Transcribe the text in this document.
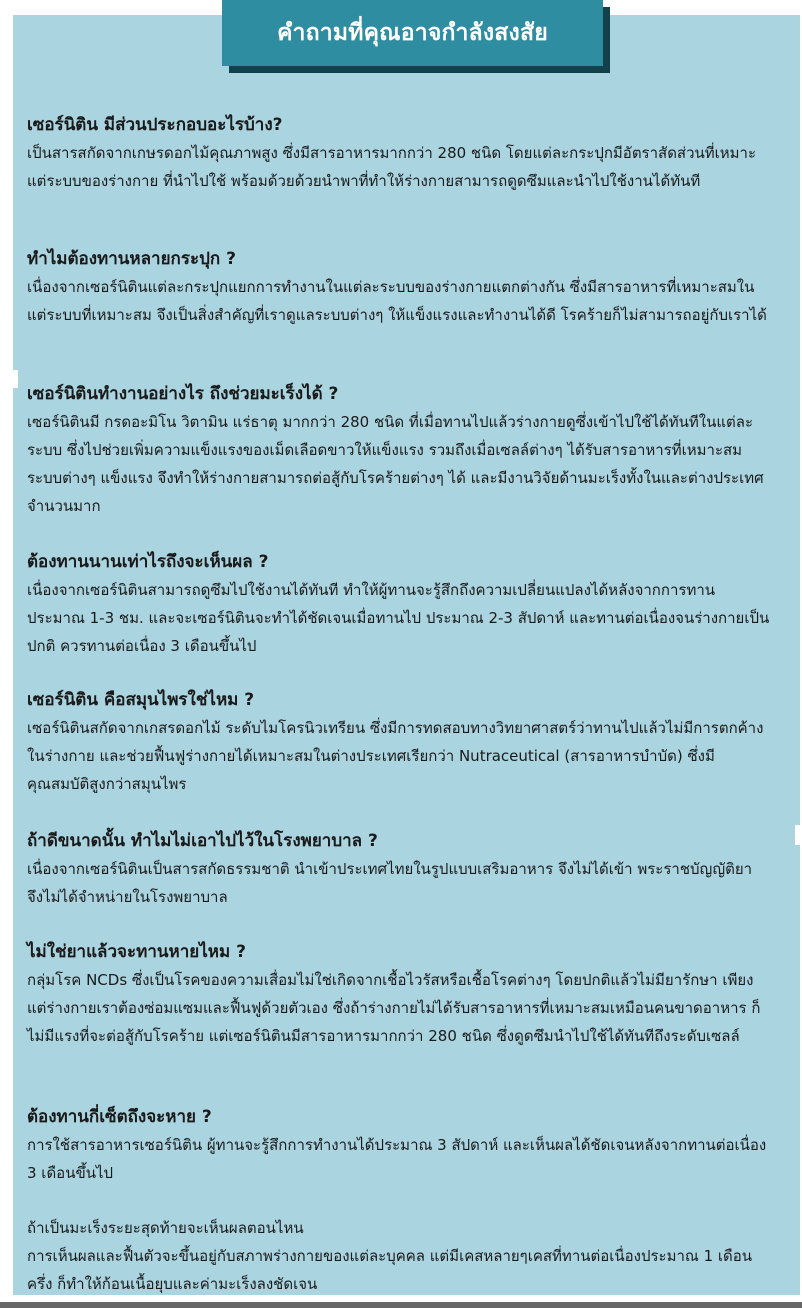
คำถามที่คุณอาจกำลังสงสัย

เซอร์นิติน มีส่วนประกอบอะไรบ้าง?

เป็นสารสกัดจากเกษรดอกไม้คุณภาพสูง ซึ่งมีสารอาหารมากกว่า 280 ชนิด โดยแต่ละกระปุกมีอัตราสัดส่วนที่เหมาะ แต่ระบบของร่างกาย ที่นำไปใช้ พร้อมด้วยด้วยนำพาที่ทำให้ร่างกายสามารถดูดซึมและนำไปใช้งานได้ทันที

ทำไมต้องทานหลายกระปุก ?

เนื่องจากเซอร์นิตินแต่ละกระปุกแยกการทำงานในแต่ละระบบของร่างกายแตกต่างกัน ซึ่งมีสารอาหารที่เหมาะสมในแต่ระบบที่เหมาะสม จึงเป็นสิ่งสำคัญที่เราดูแลระบบต่างๆ ให้แข็งแรงและทำงานได้ดี โรคร้ายก็ไม่สามารถอยู่กับเราได้

เซอร์นิตินทำงานอย่างไร ถึงช่วยมะเร็งได้ ?

เซอร์นิตินมี กรดอะมิโน วิตามิน แร่ธาตุ มากกว่า 280 ชนิด ที่เมื่อทานไปแล้วร่างกายดูซึ่งเข้าไปใช้ได้ทันทีในแต่ละระบบ ซึ่งไปช่วยเพิ่มความแข็งแรงของเม็ดเลือดขาวให้แข็งแรง รวมถึงเมื่อเซลล์ต่างๆ ได้รับสารอาหารที่เหมาะสมระบบต่างๆ แข็งแรง จึงทำให้ร่างกายสามารถต่อสู้กับโรคร้ายต่างๆ ได้ และมีงานวิจัยด้านมะเร็งทั้งในและต่างประเทศ จำนวนมาก

ต้องทานนานเท่าไรถึงจะเห็นผล ?

เนื่องจากเซอร์นิตินสามารถดูซึมไปใช้งานได้ทันที ทำให้ผู้ทานจะรู้สึกถึงความเปลี่ยนแปลงได้หลังจากการทานประมาณ 1-3 ชม. และจะเซอร์นิตินจะทำได้ชัดเจนเมื่อทานไป ประมาณ 2-3 สัปดาห์ และทานต่อเนื่องจนร่างกายเป็นปกติ ควรทานต่อเนื่อง 3 เดือนขึ้นไป

เซอร์นิติน คือสมุนไพรใช่ไหม ?

เซอร์นิตินสกัดจากเกสรดอกไม้ ระดับไมโครนิวเทรียน ซึ่งมีการทดสอบทางวิทยาศาสตร์ว่าทานไปแล้วไม่มีการตกค้างในร่างกาย และช่วยฟื้นฟูร่างกายได้เหมาะสมในต่างประเทศเรียกว่า Nutraceutical (สารอาหารบำบัด) ซึ่งมีคุณสมบัติสูงกว่าสมุนไพร

ถ้าดีขนาดนั้น ทำไมไม่เอาไปไว้ในโรงพยาบาล ?

เนื่องจากเซอร์นิตินเป็นสารสกัดธรรมชาติ นำเข้าประเทศไทยในรูปแบบเสริมอาหาร จึงไม่ได้เข้า พระราชบัญญัติยา จึงไม่ได้จำหน่ายในโรงพยาบาล

ไม่ใช่ยาแล้วจะทานหายไหม ?

กลุ่มโรค NCDs ซึ่งเป็นโรคของความเสื่อมไม่ใช่เกิดจากเชื้อไวรัสหรือเชื้อโรคต่างๆ โดยปกติแล้วไม่มียารักษา เพียงแต่ร่างกายเราต้องซ่อมแซมและฟื้นฟูด้วยตัวเอง ซึ่งถ้าร่างกายไม่ได้รับสารอาหารที่เหมาะสมเหมือนคนขาดอาหาร ก็ไม่มีแรงที่จะต่อสู้กับโรคร้าย แต่เซอร์นิตินมีสารอาหารมากกว่า 280 ชนิด ซึ่งดูดซึมนำไปใช้ได้ทันทีถึงระดับเซลล์

ต้องทานกี่เซ็ตถึงจะหาย ?

การใช้สารอาหารเซอร์นิติน ผู้ทานจะรู้สึกการทำงานได้ประมาณ 3 สัปดาห์ และเห็นผลได้ชัดเจนหลังจากทานต่อเนื่อง 3 เดือนขึ้นไป

ถ้าเป็นมะเร็งระยะสุดท้ายจะเห็นผลตอนไหน

การเห็นผลและฟื้นตัวจะขึ้นอยู่กับสภาพร่างกายของแต่ละบุคคล แต่มีเคสหลายๆเคสที่ทานต่อเนื่องประมาณ 1 เดือน ครึ่ง ก็ทำให้ก้อนเนื้อยุบและค่ามะเร็งลงชัดเจน
